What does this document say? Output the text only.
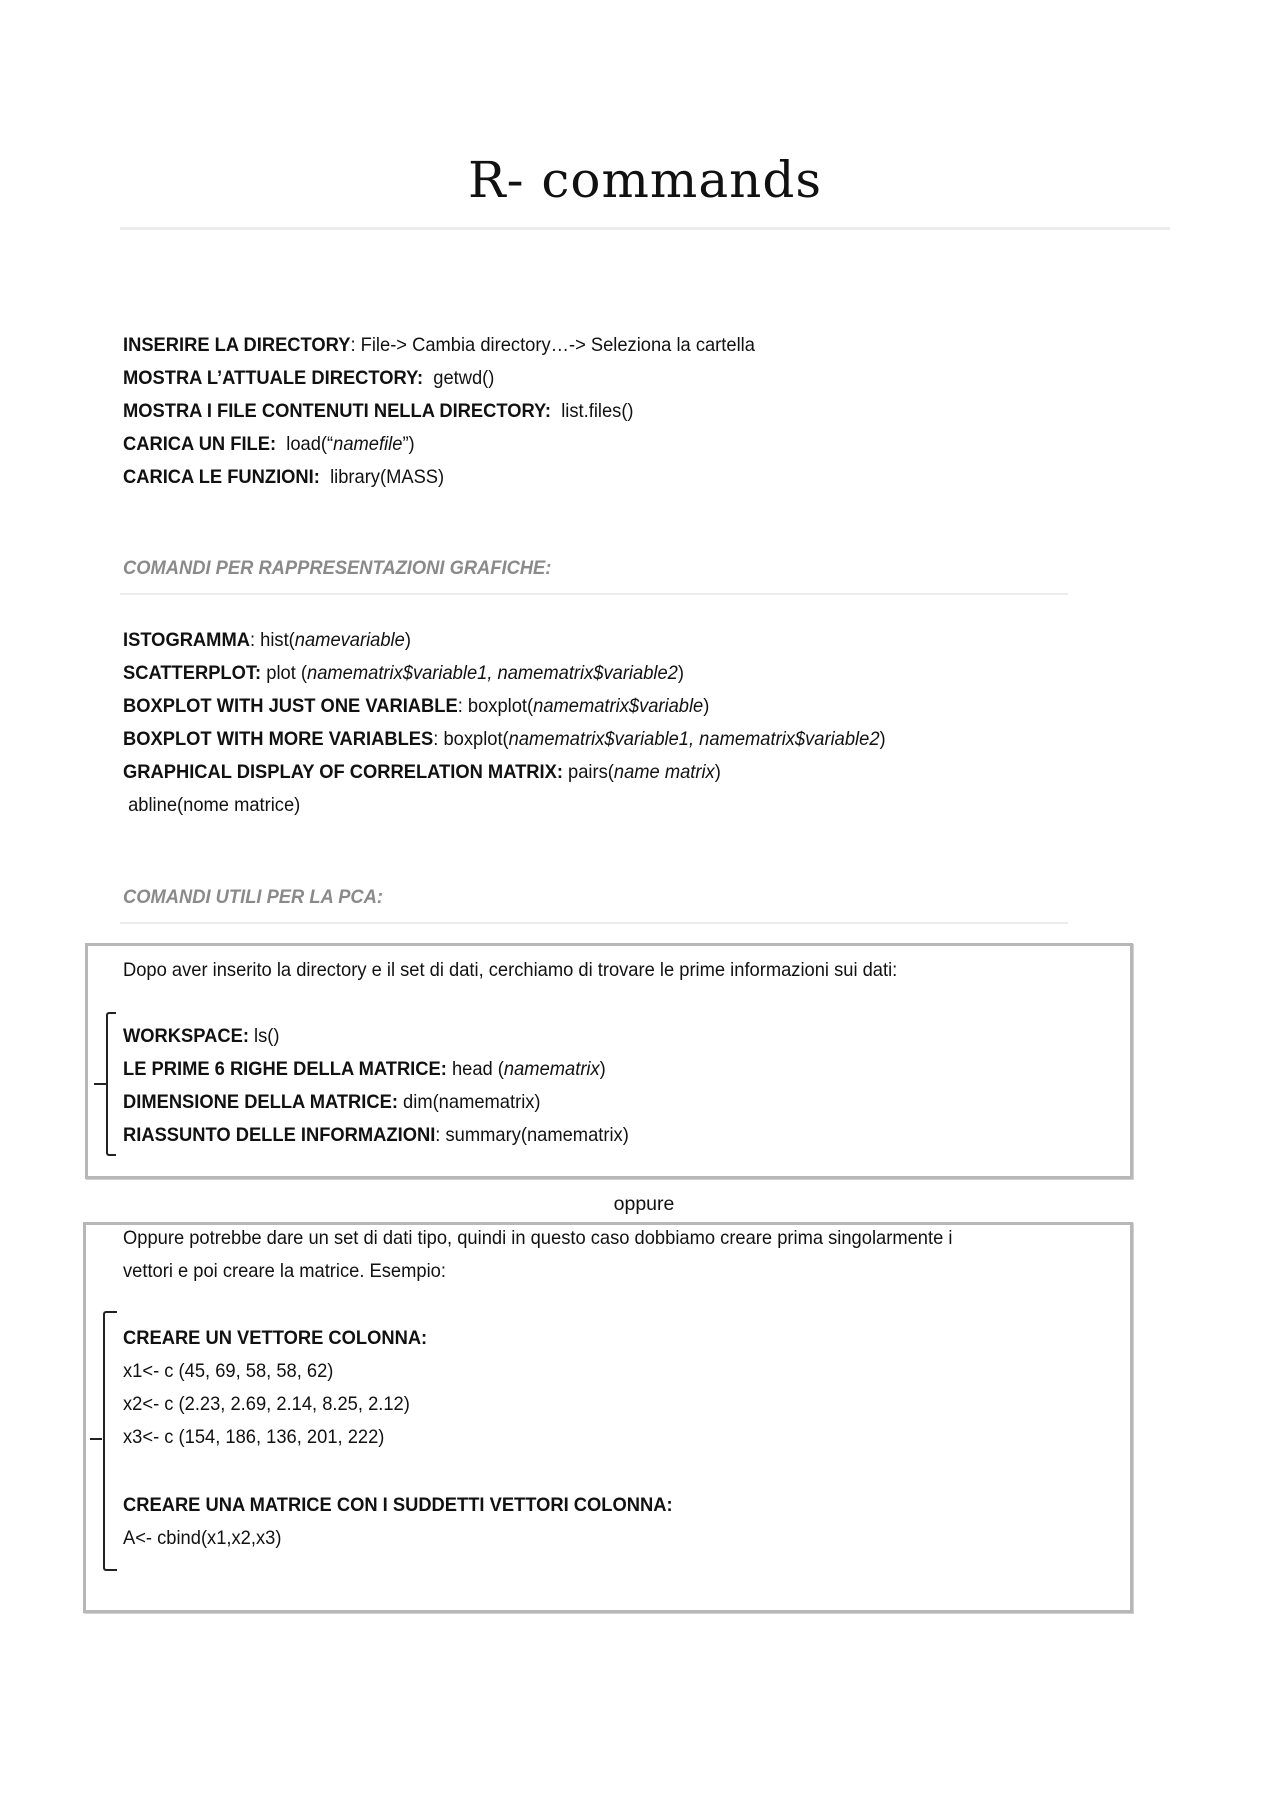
R- commands
INSERIRE LA DIRECTORY: File-> Cambia directory…-> Seleziona la cartella
MOSTRA L’ATTUALE DIRECTORY: getwd()
MOSTRA I FILE CONTENUTI NELLA DIRECTORY: list.files()
CARICA UN FILE: load(“namefile”)
CARICA LE FUNZIONI: library(MASS)
COMANDI PER RAPPRESENTAZIONI GRAFICHE:
ISTOGRAMMA: hist(namevariable)
SCATTERPLOT: plot (namematrix$variable1, namematrix$variable2)
BOXPLOT WITH JUST ONE VARIABLE: boxplot(namematrix$variable)
BOXPLOT WITH MORE VARIABLES: boxplot(namematrix$variable1, namematrix$variable2)
GRAPHICAL DISPLAY OF CORRELATION MATRIX: pairs(name matrix)
abline(nome matrice)
COMANDI UTILI PER LA PCA:
Dopo aver inserito la directory e il set di dati, cerchiamo di trovare le prime informazioni sui dati:
WORKSPACE: ls()
LE PRIME 6 RIGHE DELLA MATRICE: head (namematrix)
DIMENSIONE DELLA MATRICE: dim(namematrix)
RIASSUNTO DELLE INFORMAZIONI: summary(namematrix)
oppure
Oppure potrebbe dare un set di dati tipo, quindi in questo caso dobbiamo creare prima singolarmente i
vettori e poi creare la matrice. Esempio:
CREARE UN VETTORE COLONNA:
x1<- c (45, 69, 58, 58, 62)
x2<- c (2.23, 2.69, 2.14, 8.25, 2.12)
x3<- c (154, 186, 136, 201, 222)
CREARE UNA MATRICE CON I SUDDETTI VETTORI COLONNA:
A<- cbind(x1,x2,x3)
